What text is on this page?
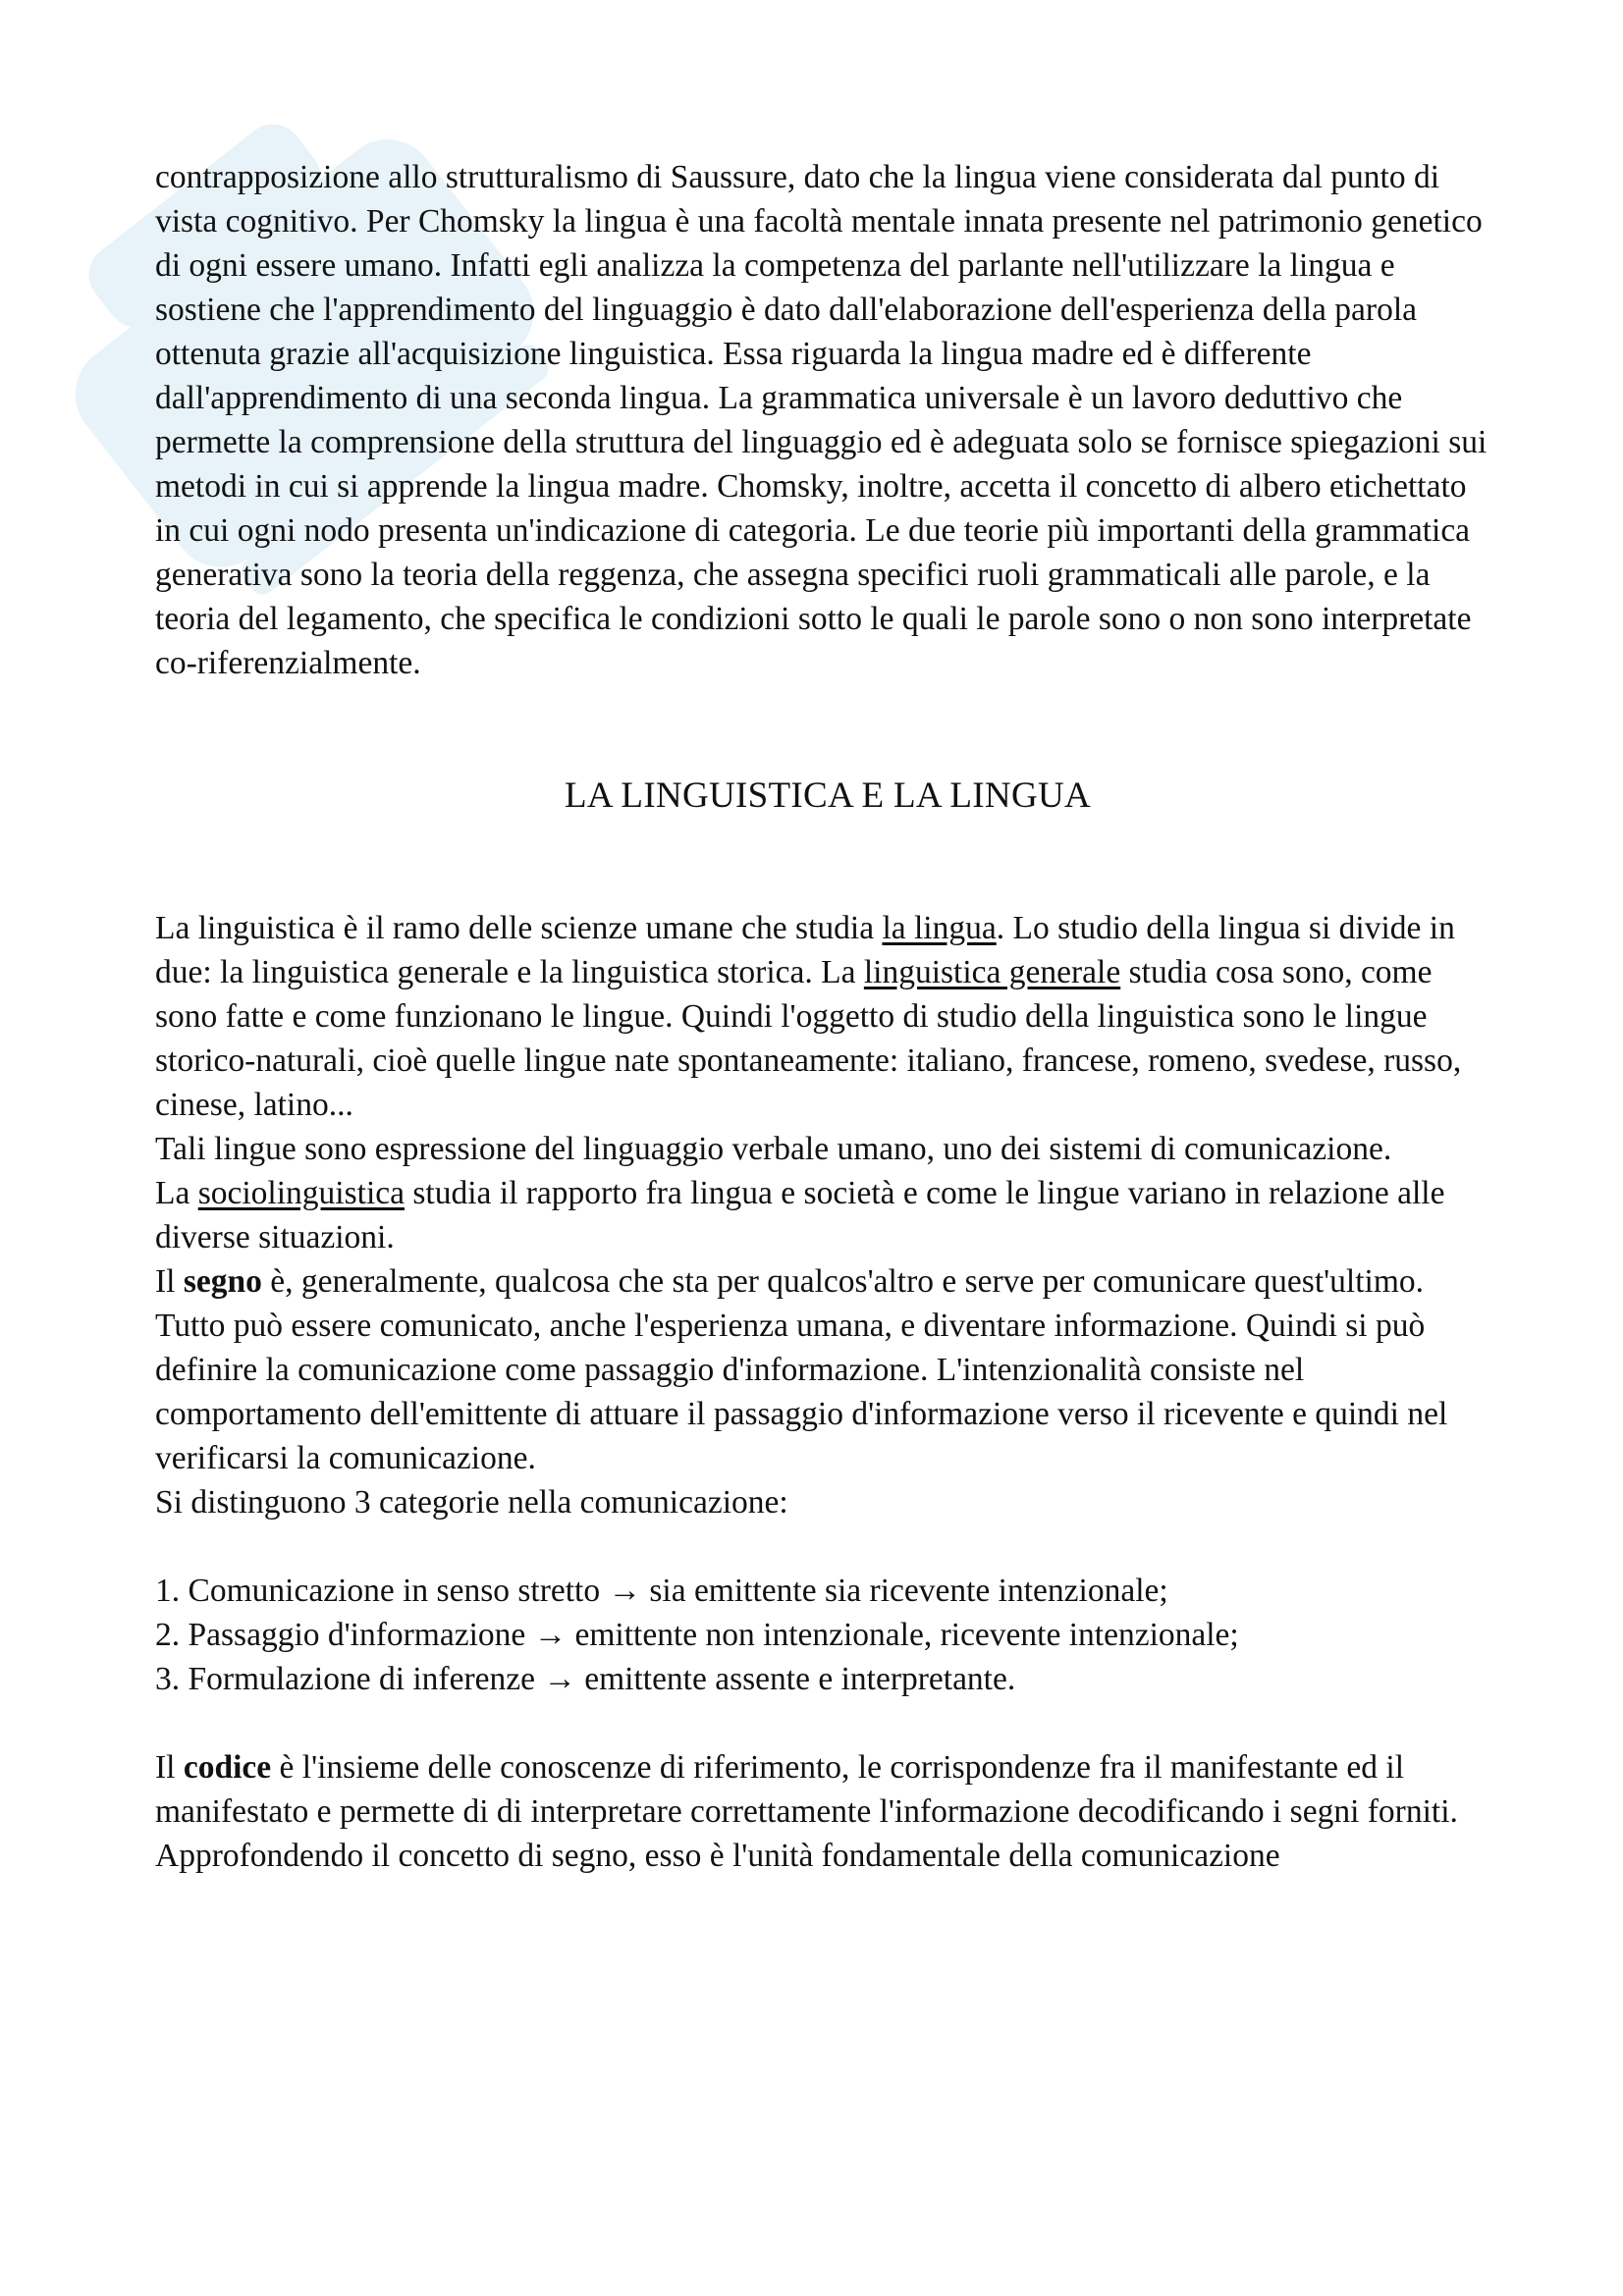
contrapposizione allo strutturalismo di Saussure, dato che la lingua viene considerata dal punto di vista cognitivo. Per Chomsky la lingua è una facoltà mentale innata presente nel patrimonio genetico di ogni essere umano. Infatti egli analizza la competenza del parlante nell'utilizzare la lingua e sostiene che l'apprendimento del linguaggio è dato dall'elaborazione dell'esperienza della parola ottenuta grazie all'acquisizione linguistica. Essa riguarda la lingua madre ed è differente dall'apprendimento di una seconda lingua. La grammatica universale è un lavoro deduttivo che permette la comprensione della struttura del linguaggio ed è adeguata solo se fornisce spiegazioni sui metodi in cui si apprende la lingua madre. Chomsky, inoltre, accetta il concetto di albero etichettato in cui ogni nodo presenta un'indicazione di categoria. Le due teorie più importanti della grammatica generativa sono la teoria della reggenza, che assegna specifici ruoli grammaticali alle parole, e la teoria del legamento, che specifica le condizioni sotto le quali le parole sono o non sono interpretate co-riferenzialmente.

LA LINGUISTICA E LA LINGUA

La linguistica è il ramo delle scienze umane che studia la lingua. Lo studio della lingua si divide in due: la linguistica generale e la linguistica storica. La linguistica generale studia cosa sono, come sono fatte e come funzionano le lingue. Quindi l'oggetto di studio della linguistica sono le lingue storico-naturali, cioè quelle lingue nate spontaneamente: italiano, francese, romeno, svedese, russo, cinese, latino...

Tali lingue sono espressione del linguaggio verbale umano, uno dei sistemi di comunicazione.

La sociolinguistica studia il rapporto fra lingua e società e come le lingue variano in relazione alle diverse situazioni.

Il segno è, generalmente, qualcosa che sta per qualcos'altro e serve per comunicare quest'ultimo. Tutto può essere comunicato, anche l'esperienza umana, e diventare informazione. Quindi si può definire la comunicazione come passaggio d'informazione. L'intenzionalità consiste nel comportamento dell'emittente di attuare il passaggio d'informazione verso il ricevente e quindi nel verificarsi la comunicazione.

Si distinguono 3 categorie nella comunicazione:

1. Comunicazione in senso stretto → sia emittente sia ricevente intenzionale;

2. Passaggio d'informazione → emittente non intenzionale, ricevente intenzionale;

3. Formulazione di inferenze → emittente assente e interpretante.

Il codice è l'insieme delle conoscenze di riferimento, le corrispondenze fra il manifestante ed il manifestato e permette di di interpretare correttamente l'informazione decodificando i segni forniti.

Approfondendo il concetto di segno, esso è l'unità fondamentale della comunicazione
